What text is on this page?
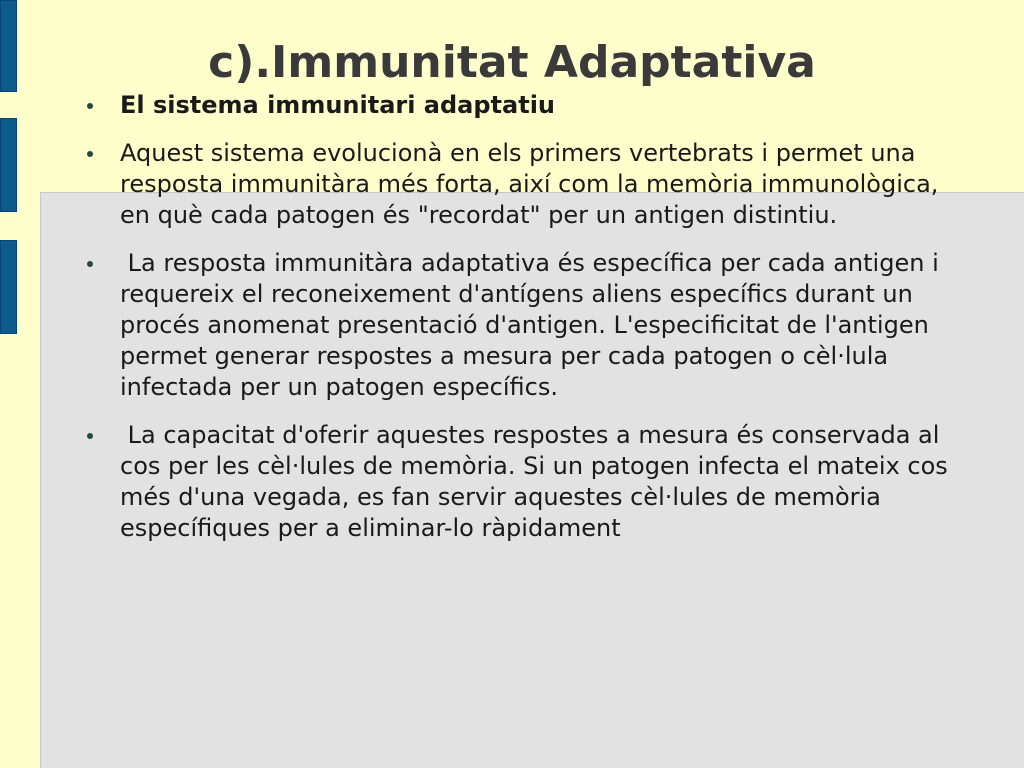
c).Immunitat Adaptativa
El sistema immunitari adaptatiu
Aquest sistema evolucionà en els primers vertebrats i permet una resposta immunitàra més forta, així com la memòria immunològica, en què cada patogen és "recordat" per un antigen distintiu.
La resposta immunitàra adaptativa és específica per cada antigen i requereix el reconeixement d'antígens aliens específics durant un procés anomenat presentació d'antigen. L'especificitat de l'antigen permet generar respostes a mesura per cada patogen o cèl·lula infectada per un patogen específics.
La capacitat d'oferir aquestes respostes a mesura és conservada al cos per les cèl·lules de memòria. Si un patogen infecta el mateix cos més d'una vegada, es fan servir aquestes cèl·lules de memòria específiques per a eliminar-lo ràpidament
